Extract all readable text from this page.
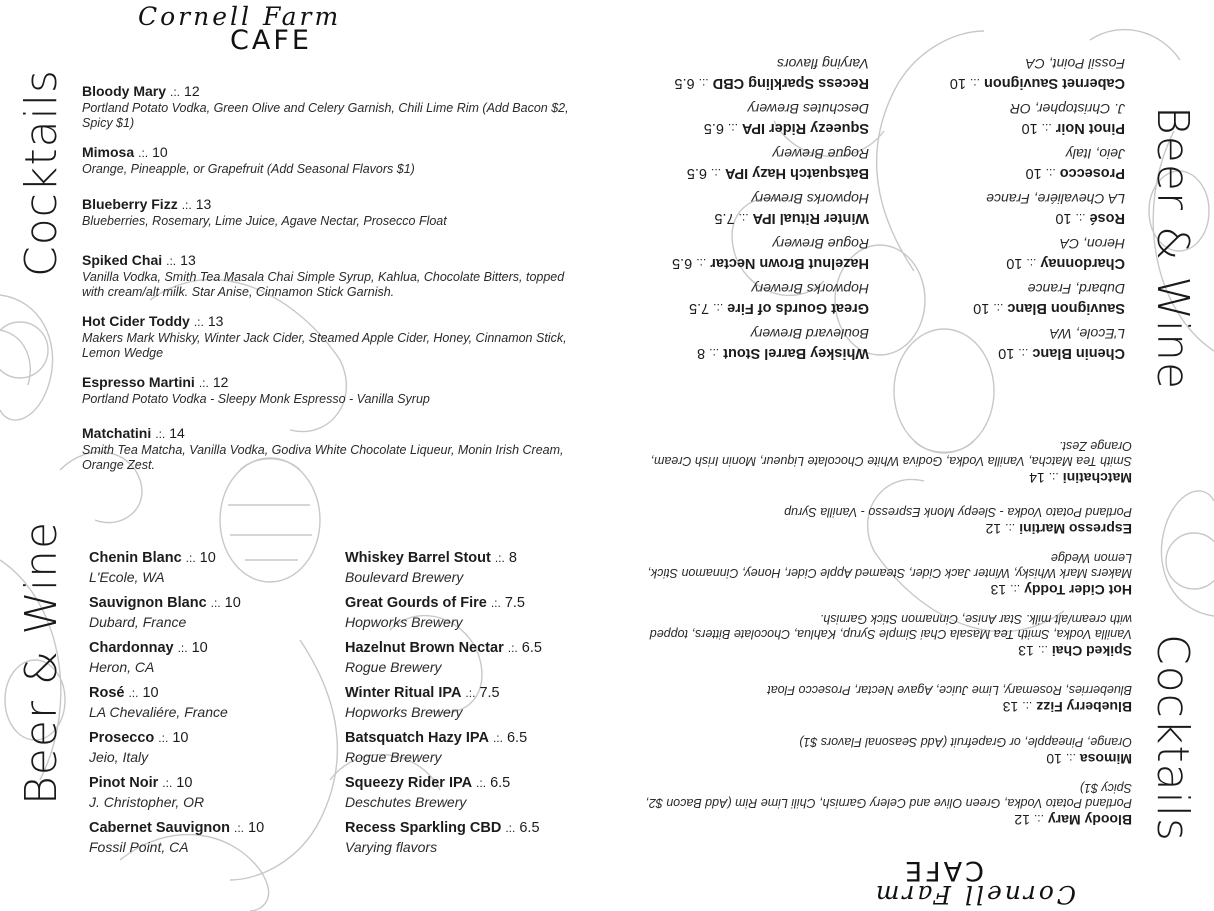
Cornell Farm
CAFE
Cocktails
Beer & Wine
Bloody Mary .:. 12
Portland Potato Vodka, Green Olive and Celery Garnish, Chili Lime Rim (Add Bacon $2, Spicy $1)
Mimosa .:. 10
Orange, Pineapple, or Grapefruit (Add Seasonal Flavors $1)
Blueberry Fizz .:. 13
Blueberries, Rosemary, Lime Juice, Agave Nectar, Prosecco Float
Spiked Chai .:. 13
Vanilla Vodka, Smith Tea Masala Chai Simple Syrup, Kahlua, Chocolate Bitters, topped with cream/alt milk. Star Anise, Cinnamon Stick Garnish.
Hot Cider Toddy .:. 13
Makers Mark Whisky, Winter Jack Cider, Steamed Apple Cider, Honey, Cinnamon Stick, Lemon Wedge
Espresso Martini .:. 12
Portland Potato Vodka - Sleepy Monk Espresso - Vanilla Syrup
Matchatini .:. 14
Smith Tea Matcha, Vanilla Vodka, Godiva White Chocolate Liqueur, Monin Irish Cream, Orange Zest.
Chenin Blanc .:. 10
L'Ecole, WA
Sauvignon Blanc .:. 10
Dubard, France
Chardonnay .:. 10
Heron, CA
Rosé .:. 10
LA Chevaliére, France
Prosecco .:. 10
Jeio, Italy
Pinot Noir .:. 10
J. Christopher, OR
Cabernet Sauvignon .:. 10
Fossil Point, CA
Whiskey Barrel Stout .:. 8
Boulevard Brewery
Great Gourds of Fire .:. 7.5
Hopworks Brewery
Hazelnut Brown Nectar .:. 6.5
Rogue Brewery
Winter Ritual IPA .:. 7.5
Hopworks Brewery
Batsquatch Hazy IPA .:. 6.5
Rogue Brewery
Squeezy Rider IPA .:. 6.5
Deschutes Brewery
Recess Sparkling CBD .:. 6.5
Varying flavors
Cornell Farm
CAFE
Cocktails
Beer & Wine
Bloody Mary.:.12
Portland Potato Vodka, Green Olive and Celery Garnish, Chili Lime Rim (Add Bacon $2, Spicy $1)
Mimosa.:.10
Orange, Pineapple, or Grapefruit (Add Seasonal Flavors $1)
Blueberry Fizz.:.13
Blueberries, Rosemary, Lime Juice, Agave Nectar, Prosecco Float
Spiked Chai.:.13
Vanilla Vodka, Smith Tea Masala Chai Simple Syrup, Kahlua, Chocolate Bitters, topped with cream/alt milk. Star Anise, Cinnamon Stick Garnish.
Hot Cider Toddy.:.13
Makers Mark Whisky, Winter Jack Cider, Steamed Apple Cider, Honey, Cinnamon Stick, Lemon Wedge
Espresso Martini.:.12
Portland Potato Vodka - Sleepy Monk Espresso - Vanilla Syrup
Matchatini.:.14
Smith Tea Matcha, Vanilla Vodka, Godiva White Chocolate Liqueur, Monin Irish Cream, Orange Zest.
Chenin Blanc.:.10
L'Ecole, WA
Sauvignon Blanc.:.10
Dubard, France
Chardonnay.:.10
Heron, CA
Rosé.:.10
LA Chevaliére, France
Prosecco.:.10
Jeio, Italy
Pinot Noir.:.10
J. Christopher, OR
Cabernet Sauvignon.:.10
Fossil Point, CA
Whiskey Barrel Stout.:.8
Boulevard Brewery
Great Gourds of Fire.:.7.5
Hopworks Brewery
Hazelnut Brown Nectar.:.6.5
Rogue Brewery
Winter Ritual IPA.:.7.5
Hopworks Brewery
Batsquatch Hazy IPA.:.6.5
Rogue Brewery
Squeezy Rider IPA.:.6.5
Deschutes Brewery
Recess Sparkling CBD.:.6.5
Varying flavors
